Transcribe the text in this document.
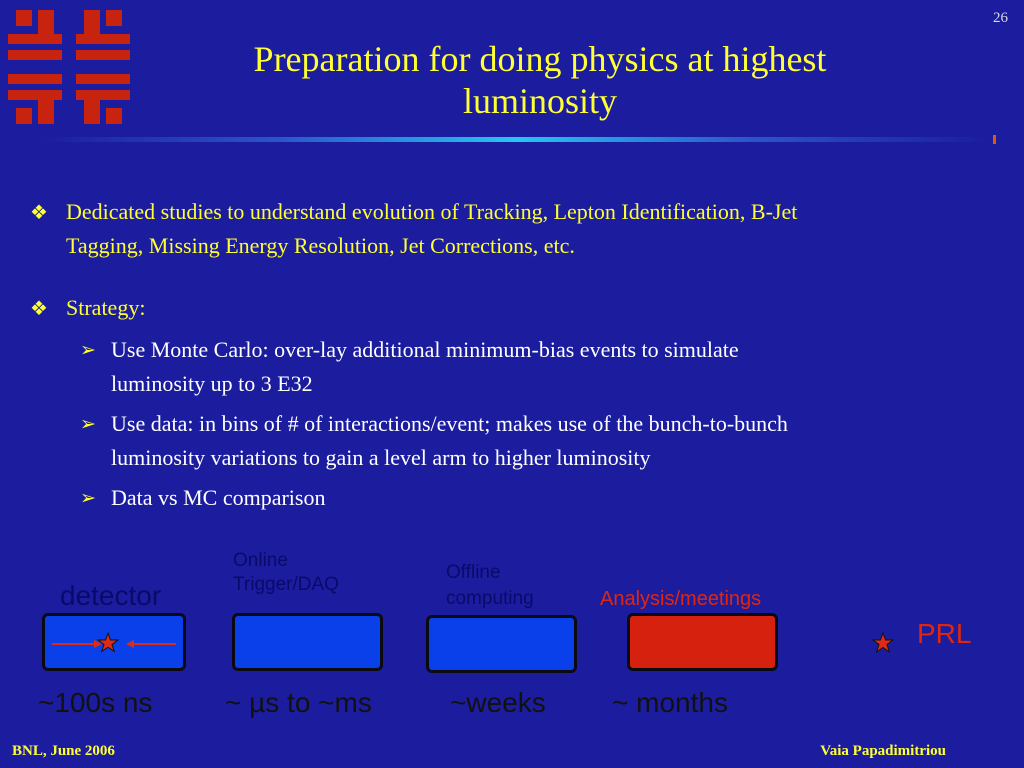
26
Preparation for doing physics at highest
luminosity
❖ Dedicated studies to understand evolution of Tracking, Lepton Identification, B-Jet
Tagging, Missing Energy Resolution, Jet Corrections, etc.
❖ Strategy:
➢ Use Monte Carlo: over-lay additional minimum-bias events to simulate
luminosity up to 3 E32
➢ Use data: in bins of # of interactions/event; makes use of the bunch-to-bunch
luminosity variations to gain a level arm to higher luminosity
➢ Data vs MC comparison
detector
Online
Trigger/DAQ
Offline
computing	Analysis/meetings
PRL
~100s ns	~ µs to ~ms	~weeks ~ months
BNL, June 2006	Vaia Papadimitriou
